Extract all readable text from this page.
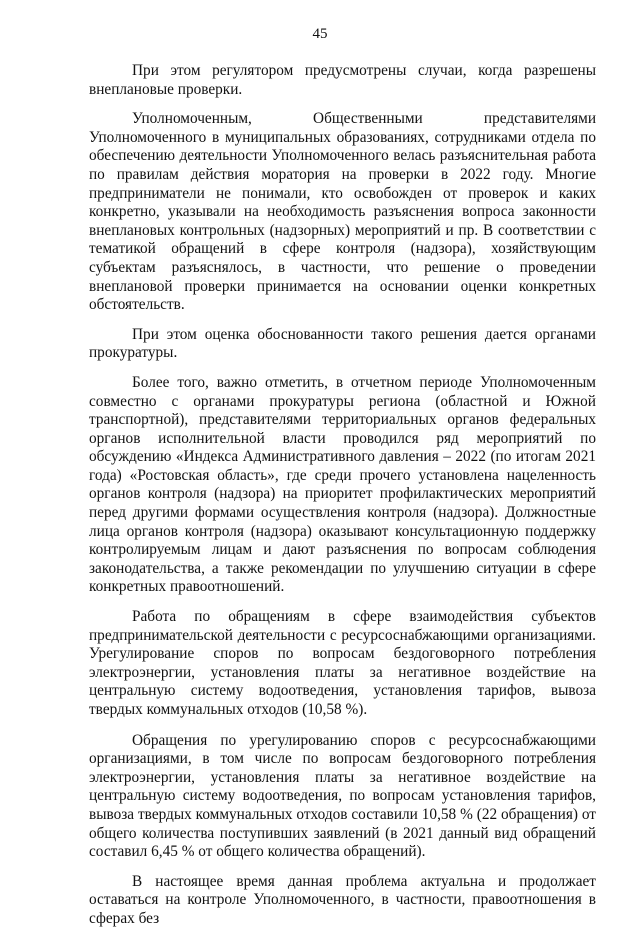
45

При этом регулятором предусмотрены случаи, когда разрешены внеплановые проверки.

Уполномоченным, Общественными представителями Уполномоченного в муниципальных образованиях, сотрудниками отдела по обеспечению деятельности Уполномоченного велась разъяснительная работа по правилам действия моратория на проверки в 2022 году. Многие предприниматели не понимали, кто освобожден от проверок и каких конкретно, указывали на необходимость разъяснения вопроса законности внеплановых контрольных (надзорных) мероприятий и пр. В соответствии с тематикой обращений в сфере контроля (надзора), хозяйствующим субъектам разъяснялось, в частности, что решение о проведении внеплановой проверки принимается на основании оценки конкретных обстоятельств.

При этом оценка обоснованности такого решения дается органами прокуратуры.

Более того, важно отметить, в отчетном периоде Уполномоченным совместно с органами прокуратуры региона (областной и Южной транспортной), представителями территориальных органов федеральных органов исполнительной власти проводился ряд мероприятий по обсуждению «Индекса Административного давления – 2022 (по итогам 2021 года) «Ростовская область», где среди прочего установлена нацеленность органов контроля (надзора) на приоритет профилактических мероприятий перед другими формами осуществления контроля (надзора). Должностные лица органов контроля (надзора) оказывают консультационную поддержку контролируемым лицам и дают разъяснения по вопросам соблюдения законодательства, а также рекомендации по улучшению ситуации в сфере конкретных правоотношений.

Работа по обращениям в сфере взаимодействия субъектов предпринимательской деятельности с ресурсоснабжающими организациями. Урегулирование споров по вопросам бездоговорного потребления электроэнергии, установления платы за негативное воздействие на центральную систему водоотведения, установления тарифов, вывоза твердых коммунальных отходов (10,58 %).

Обращения по урегулированию споров с ресурсоснабжающими организациями, в том числе по вопросам бездоговорного потребления электроэнергии, установления платы за негативное воздействие на центральную систему водоотведения, по вопросам установления тарифов, вывоза твердых коммунальных отходов составили 10,58 % (22 обращения) от общего количества поступивших заявлений (в 2021 данный вид обращений составил 6,45 % от общего количества обращений).

В настоящее время данная проблема актуальна и продолжает оставаться на контроле Уполномоченного, в частности, правоотношения в сферах без
